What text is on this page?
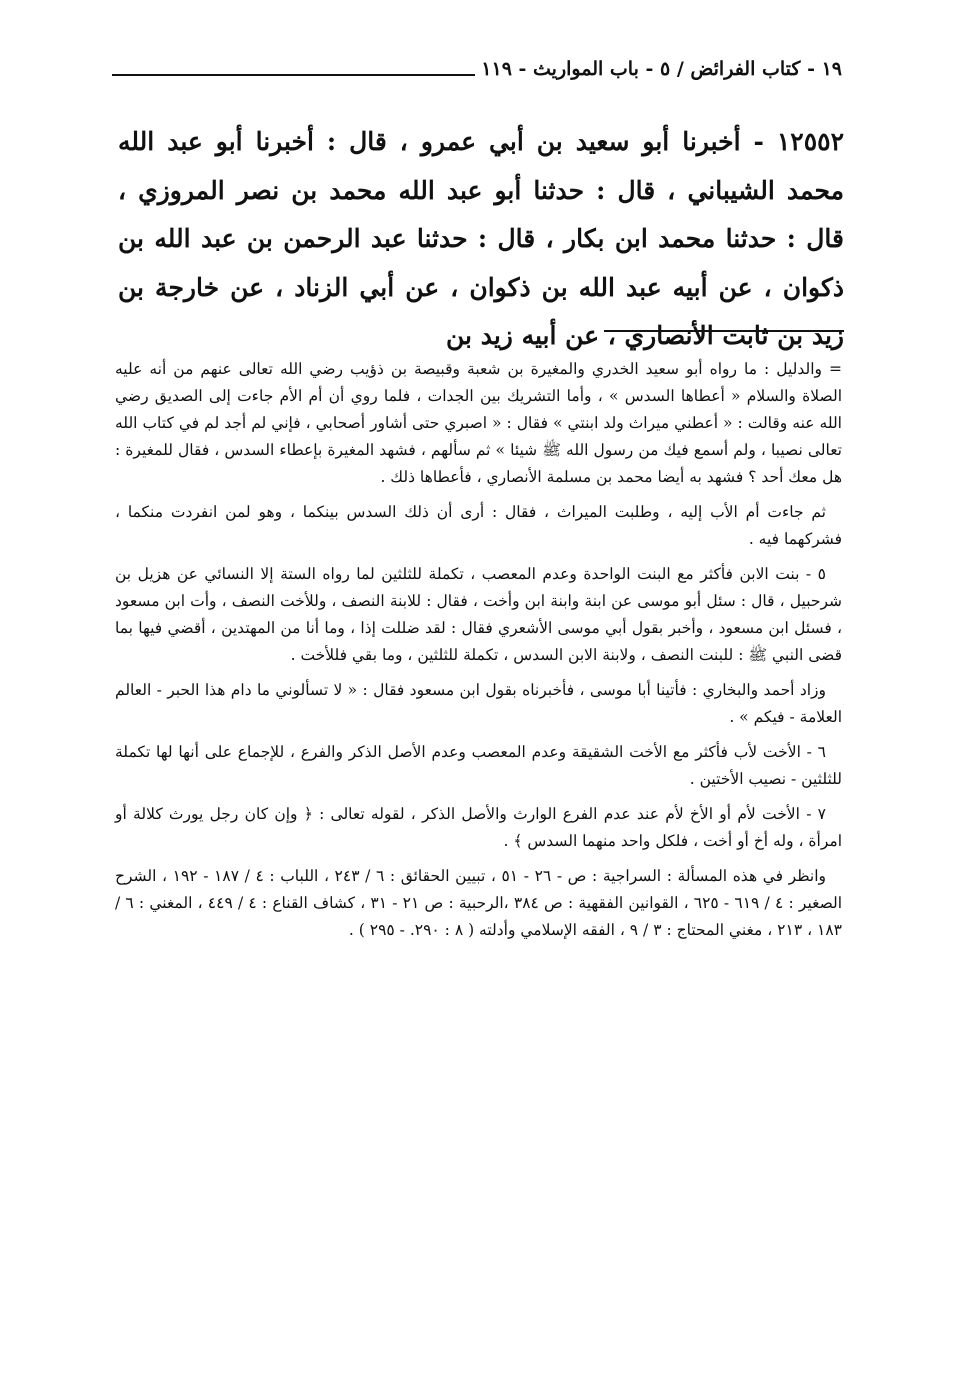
١٩ - كتاب الفرائض / ٥ - باب المواريث - ١١٩

١٢٥٥٢ - أخبرنا أبو سعيد بن أبي عمرو ، قال : أخبرنا أبو عبد الله محمد الشيباني ، قال : حدثنا أبو عبد الله محمد بن نصر المروزي ، قال : حدثنا محمد ابن بكار ، قال : حدثنا عبد الرحمن بن عبد الله بن ذكوان ، عن أبيه عبد الله بن ذكوان ، عن أبي الزناد ، عن خارجة بن زيد بن ثابت الأنصاري ، عن أبيه زيد بن

= والدليل : ما رواه أبو سعيد الخدري والمغيرة بن شعبة وقبيصة بن ذؤيب رضي الله تعالى عنهم من أنه عليه الصلاة والسلام « أعطاها السدس » ، وأما التشريك بين الجدات ، فلما روي أن أم الأم جاءت إلى الصديق رضي الله عنه وقالت : « أعطني ميراث ولد ابنتي » فقال : « اصبري حتى أشاور أصحابي ، فإني لم أجد لم في كتاب الله تعالى نصيبا ، ولم أسمع فيك من رسول الله ﷺ شيئا » ثم سألهم ، فشهد المغيرة بإعطاء السدس ، فقال للمغيرة : هل معك أحد ؟ فشهد به أيضا محمد بن مسلمة الأنصاري ، فأعطاها ذلك .

ثم جاءت أم الأب إليه ، وطلبت الميراث ، فقال : أرى أن ذلك السدس بينكما ، وهو لمن انفردت منكما ، فشركهما فيه .

٥ - بنت الابن فأكثر مع البنت الواحدة وعدم المعصب ، تكملة للثلثين لما رواه الستة إلا النسائي عن هزيل بن شرحبيل ، قال : سئل أبو موسى عن ابنة وابنة ابن وأخت ، فقال : للابنة النصف ، وللأخت النصف ، وأت ابن مسعود ، فسئل ابن مسعود ، وأخبر بقول أبي موسى الأشعري فقال : لقد ضللت إذا ، وما أنا من المهتدين ، أقضي فيها بما قضى النبي ﷺ : للبنت النصف ، ولابنة الابن السدس ، تكملة للثلثين ، وما بقي فللأخت .

وزاد أحمد والبخاري : فأتينا أبا موسى ، فأخبرناه بقول ابن مسعود فقال : « لا تسألوني ما دام هذا الحبر - العالم العلامة - فيكم » .

٦ - الأخت لأب فأكثر مع الأخت الشقيقة وعدم المعصب وعدم الأصل الذكر والفرع ، للإجماع على أنها لها تكملة للثلثين - نصيب الأختين .

٧ - الأخت لأم أو الأخ لأم عند عدم الفرع الوارث والأصل الذكر ، لقوله تعالى : ﴿ وإن كان رجل يورث كلالة أو امرأة ، وله أخ أو أخت ، فلكل واحد منهما السدس ﴾ .

وانظر في هذه المسألة : السراجية : ص - ٢٦ - ٥١ ، تبيين الحقائق : ٦ / ٢٤٣ ، اللباب : ٤ / ١٨٧ - ١٩٢ ، الشرح الصغير : ٤ / ٦١٩ - ٦٢٥ ، القوانين الفقهية : ص ٣٨٤ ،الرحبية : ص ٢١ - ٣١ ، كشاف القناع : ٤ / ٤٤٩ ، المغني : ٦ / ١٨٣ ، ٢١٣ ، مغني المحتاج : ٣ / ٩ ، الفقه الإسلامي وأدلته ( ٨ : ٢٩٠. - ٢٩٥ ) .
